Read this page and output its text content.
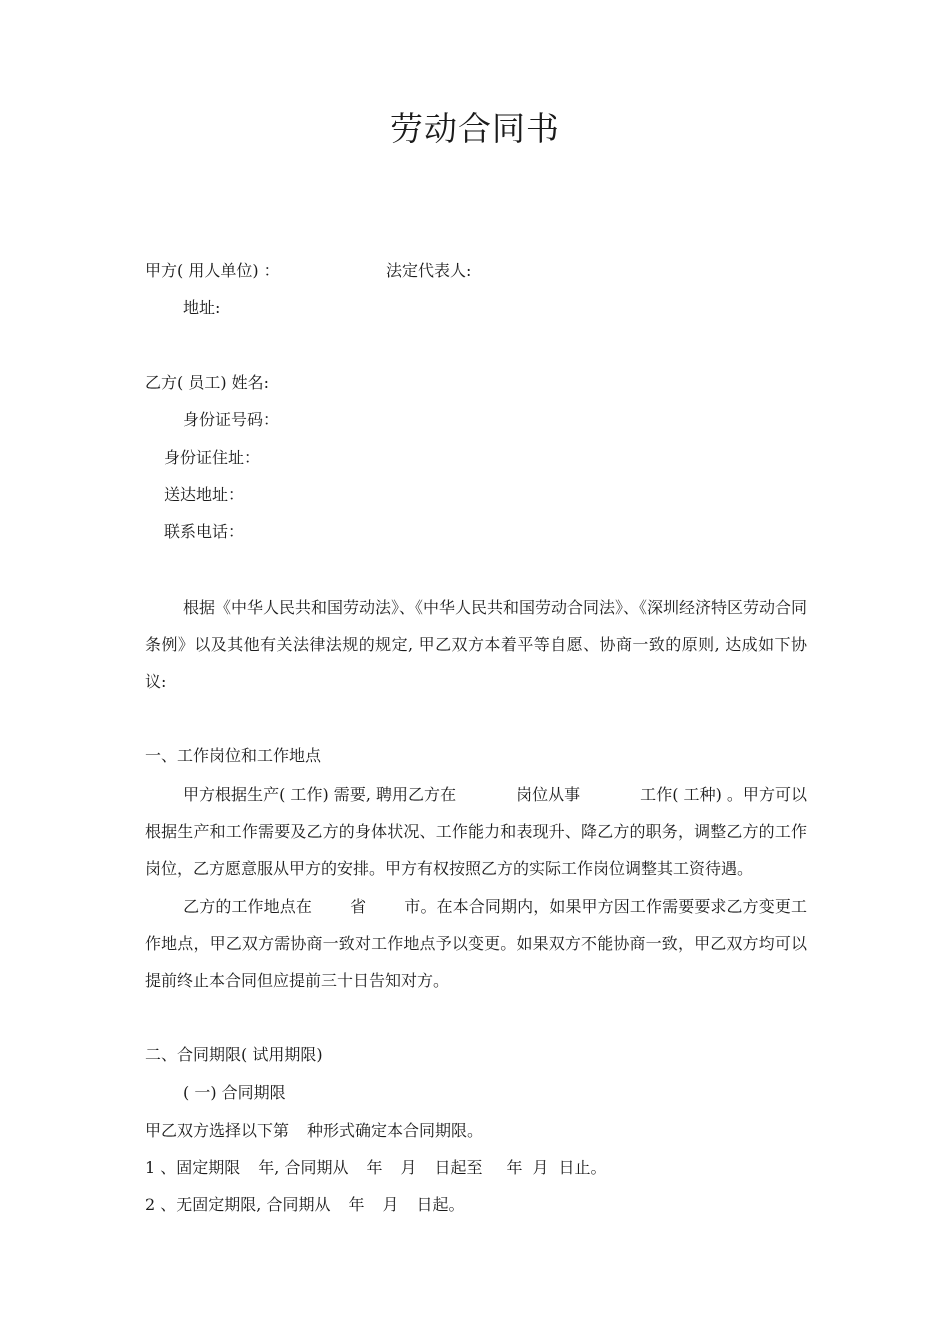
劳动合同书
甲方( 用人单位) ：	法定代表人:
地址:
乙方( 员工) 姓名:
身份证号码：
身份证住址：
送达地址：
联系电话：
根据《中华人民共和国劳动法》、《中华人民共和国劳动合同法》、《深圳经济特区劳动合同条例》以及其他有关法律法规的规定, 甲乙双方本着平等自愿、协商一致的原则, 达成如下协议:
一、工作岗位和工作地点
甲方根据生产( 工作) 需要, 聘用乙方在	岗位从事	工作( 工种) 。甲方可以根据生产和工作需要及乙方的身体状况、工作能力和表现升、降乙方的职务，调整乙方的工作岗位，乙方愿意服从甲方的安排。甲方有权按照乙方的实际工作岗位调整其工资待遇。
乙方的工作地点在 省 市。在本合同期内，如果甲方因工作需要要求乙方变更工作地点，甲乙双方需协商一致对工作地点予以变更。如果双方不能协商一致，甲乙双方均可以提前终止本合同但应提前三十日告知对方。
二、合同期限( 试用期限)
( 一) 合同期限
甲乙双方选择以下第 种形式确定本合同期限。
1 、固定期限 年, 合同期从 年 月 日起至 年 月 日止。
2 、无固定期限, 合同期从 年 月 日起。
